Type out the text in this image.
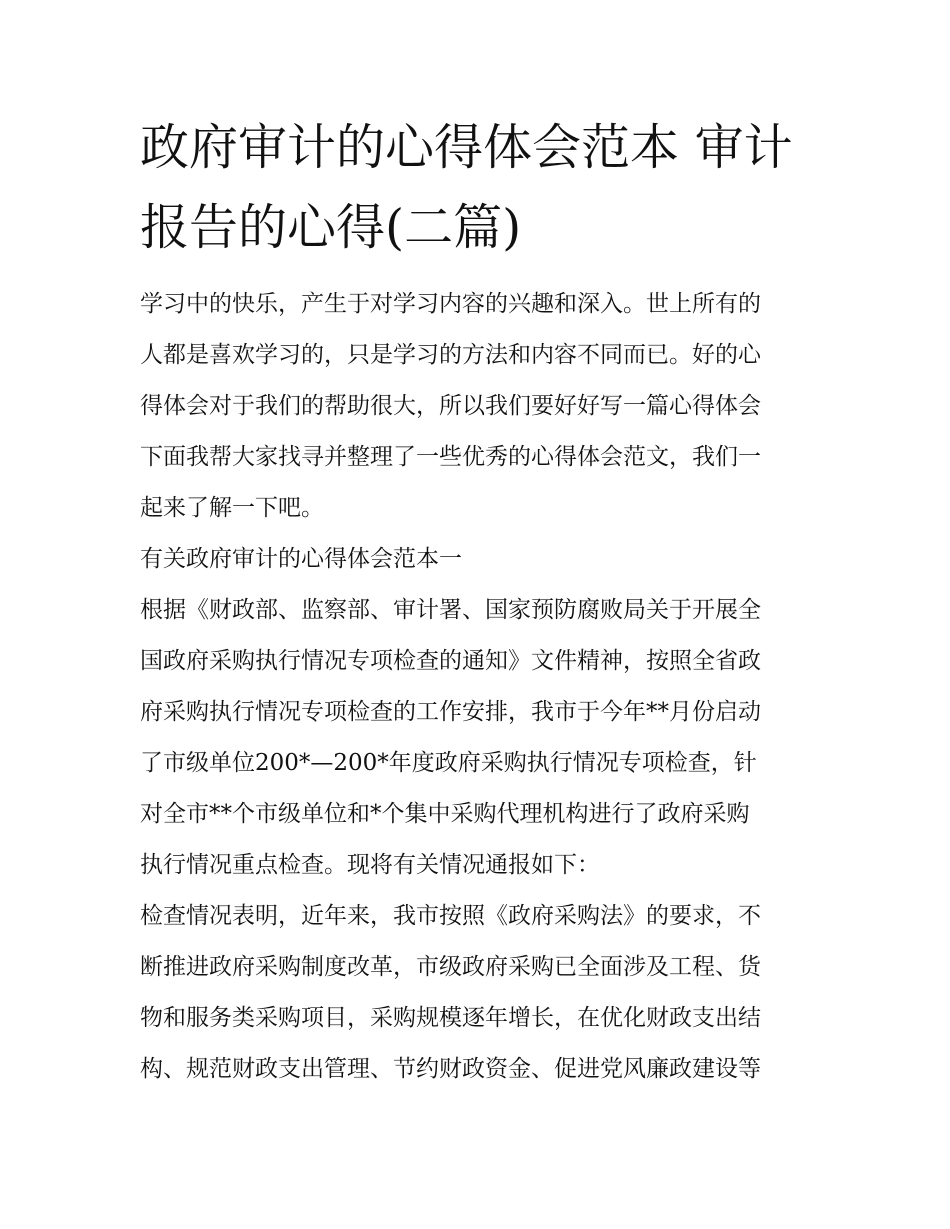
政府审计的心得体会范本 审计
报告的心得(二篇)

学习中的快乐，产生于对学习内容的兴趣和深入。世上所有的
人都是喜欢学习的，只是学习的方法和内容不同而已。好的心
得体会对于我们的帮助很大，所以我们要好好写一篇心得体会
下面我帮大家找寻并整理了一些优秀的心得体会范文，我们一
起来了解一下吧。

有关政府审计的心得体会范本一

根据《财政部、监察部、审计署、国家预防腐败局关于开展全
国政府采购执行情况专项检查的通知》文件精神，按照全省政
府采购执行情况专项检查的工作安排，我市于今年**月份启动
了市级单位200*—200*年度政府采购执行情况专项检查，针
对全市**个市级单位和*个集中采购代理机构进行了政府采购
执行情况重点检查。现将有关情况通报如下：

检查情况表明，近年来，我市按照《政府采购法》的要求，不
断推进政府采购制度改革，市级政府采购已全面涉及工程、货
物和服务类采购项目，采购规模逐年增长，在优化财政支出结
构、规范财政支出管理、节约财政资金、促进党风廉政建设等
